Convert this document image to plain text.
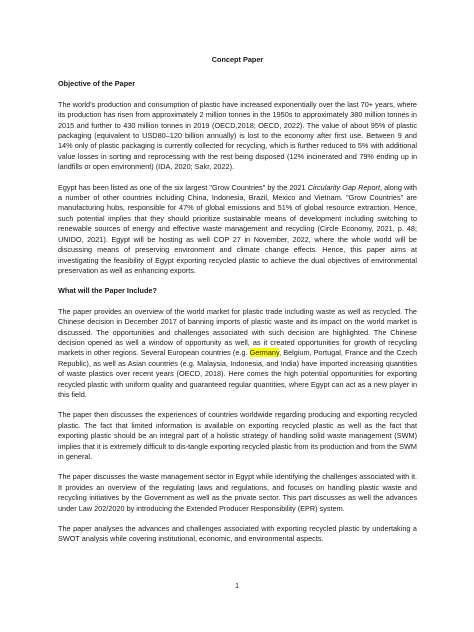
Concept Paper
Objective of the Paper

The world’s production and consumption of plastic have increased exponentially over the last 70+ years, where its production has risen from approximately 2 million tonnes in the 1950s to approximately 380 million tonnes in 2015 and further to 430 million tonnes in 2019 (OECD,2018; OECD, 2022). The value of about 95% of plastic packaging (equivalent to USD80–120 billion annually) is lost to the economy after first use. Between 9 and 14% only of plastic packaging is currently collected for recycling, which is further reduced to 5% with additional value losses in sorting and reprocessing with the rest being disposed (12% incinerated and 79% ending up in landfills or open environment) (IDA, 2020; Sakr, 2022).

Egypt has been listed as one of the six largest "Grow Countries" by the 2021 Circularity Gap Report, along with a number of other countries including China, Indonesia, Brazil, Mexico and Vietnam. "Grow Countries" are manufacturing hubs, responsible for 47% of global emissions and 51% of global resource extraction. Hence, such potential implies that they should prioritize sustainable means of development including switching to renewable sources of energy and effective waste management and recycling (Circle Economy, 2021, p. 48; UNIDO, 2021). Egypt will be hosting as well COP 27 in November, 2022, where the whole world will be discussing means of preserving environment and climate change effects. Hence, this paper aims at investigating the feasibility of Egypt exporting recycled plastic to achieve the dual objectives of environmental preservation as well as enhancing exports.

What will the Paper Include?

The paper provides an overview of the world market for plastic trade including waste as well as recycled. The Chinese decision in December 2017 of banning imports of plastic waste and its impact on the world market is discussed. The opportunities and challenges associated with such decision are highlighted. The Chinese decision opened as well a window of opportunity as well, as it created opportunities for growth of recycling markets in other regions. Several European countries (e.g. Germany, Belgium, Portugal, France and the Czech Republic), as well as Asian countries (e.g. Malaysia, Indonesia, and India) have imported increasing quantities of waste plastics over recent years (OECD, 2018). Here comes the high potential opportunities for exporting recycled plastic with uniform quality and guaranteed regular quantities, where Egypt can act as a new player in this field.

The paper then discusses the experiences of countries worldwide regarding producing and exporting recycled plastic. The fact that limited information is available on exporting recycled plastic as well as the fact that exporting plastic should be an integral part of a holistic strategy of handling solid waste management (SWM) implies that it is extremely difficult to dis-tangle exporting recycled plastic from its production and from the SWM in general.

The paper discusses the waste management sector in Egypt while identifying the challenges associated with it. It provides an overview of the regulating laws and regulations, and focuses on handling plastic waste and recycling initiatives by the Government as well as the private sector. This part discusses as well the advances under Law 202/2020 by introducing the Extended Producer Responsibility (EPR) system.

The paper analyses the advances and challenges associated with exporting recycled plastic by undertaking a SWOT analysis while covering institutional, economic, and environmental aspects.

1
